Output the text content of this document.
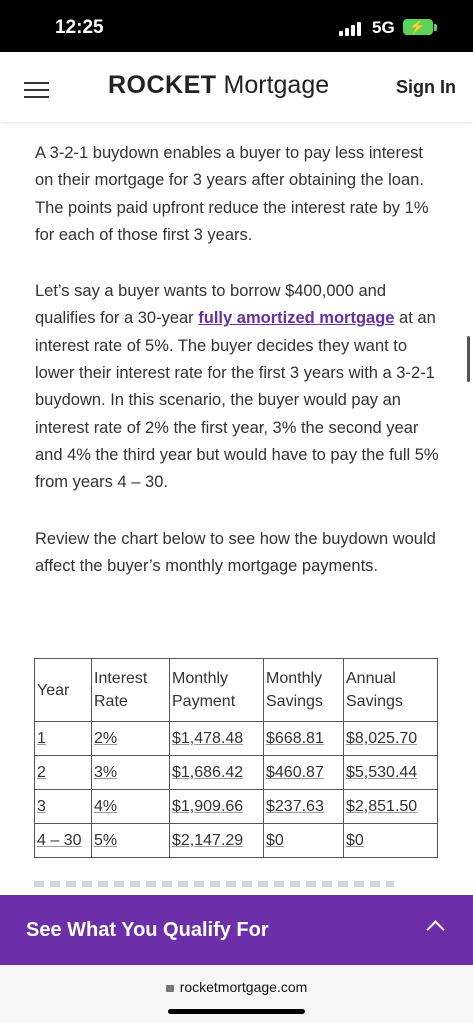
12:25	5G ⚡
ROCKET Mortgage	Sign In

A 3-2-1 buydown enables a buyer to pay less interest on their mortgage for 3 years after obtaining the loan. The points paid upfront reduce the interest rate by 1% for each of those first 3 years.

Let’s say a buyer wants to borrow $400,000 and qualifies for a 30-year fully amortized mortgage at an interest rate of 5%. The buyer decides they want to lower their interest rate for the first 3 years with a 3-2-1 buydown. In this scenario, the buyer would pay an interest rate of 2% the first year, 3% the second year and 4% the third year but would have to pay the full 5% from years 4 – 30.

Review the chart below to see how the buydown would affect the buyer’s monthly mortgage payments.

Year	Interest Rate	Monthly Payment	Monthly Savings	Annual Savings
1	2%	$1,478.48	$668.81	$8,025.70
2	3%	$1,686.42	$460.87	$5,530.44
3	4%	$1,909.66	$237.63	$2,851.50
4 – 30	5%	$2,147.29	$0	$0
See What You Qualify For
rocketmortgage.com
